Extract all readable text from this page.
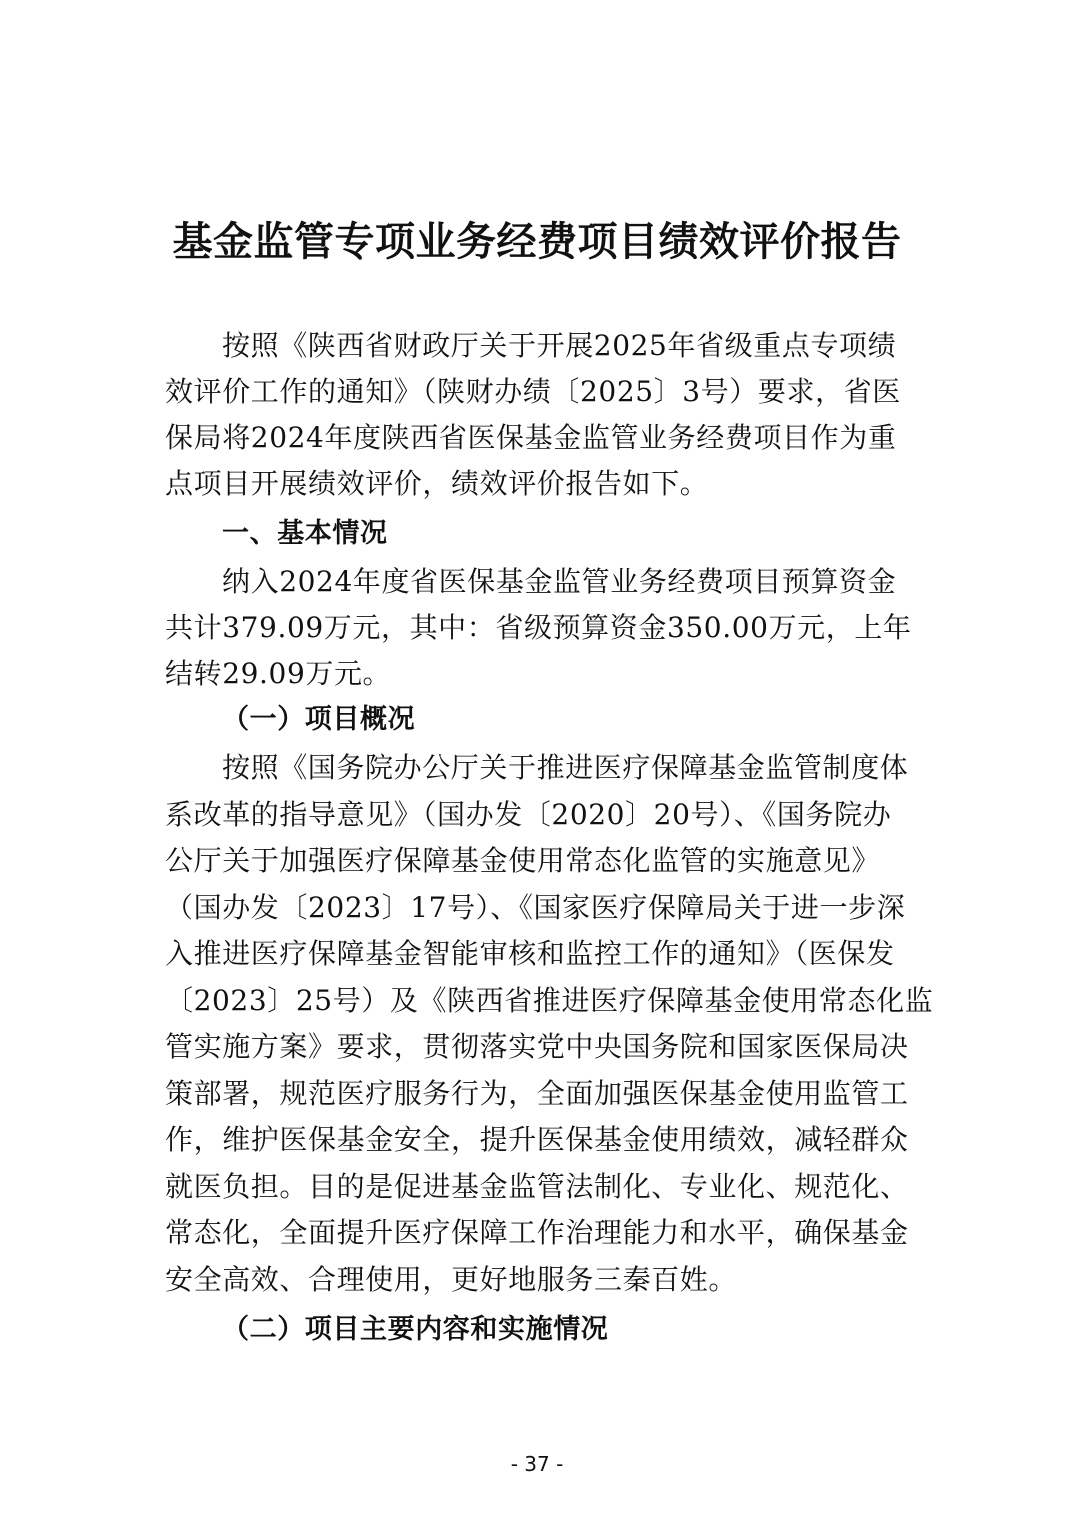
基金监管专项业务经费项目绩效评价报告
按照《陕西省财政厅关于开展2025年省级重点专项绩
效评价工作的通知》（陕财办绩〔2025〕3号）要求，省医
保局将2024年度陕西省医保基金监管业务经费项目作为重
点项目开展绩效评价，绩效评价报告如下。
一、基本情况
纳入2024年度省医保基金监管业务经费项目预算资金
共计379.09万元，其中：省级预算资金350.00万元，上年
结转29.09万元。
（一）项目概况
按照《国务院办公厅关于推进医疗保障基金监管制度体
系改革的指导意见》（国办发〔2020〕20号）、《国务院办
公厅关于加强医疗保障基金使用常态化监管的实施意见》
（国办发〔2023〕17号）、《国家医疗保障局关于进一步深
入推进医疗保障基金智能审核和监控工作的通知》（医保发
〔2023〕25号）及《陕西省推进医疗保障基金使用常态化监
管实施方案》要求，贯彻落实党中央国务院和国家医保局决
策部署，规范医疗服务行为，全面加强医保基金使用监管工
作，维护医保基金安全，提升医保基金使用绩效，减轻群众
就医负担。目的是促进基金监管法制化、专业化、规范化、
常态化，全面提升医疗保障工作治理能力和水平，确保基金
安全高效、合理使用，更好地服务三秦百姓。
（二）项目主要内容和实施情况
- 37 -
